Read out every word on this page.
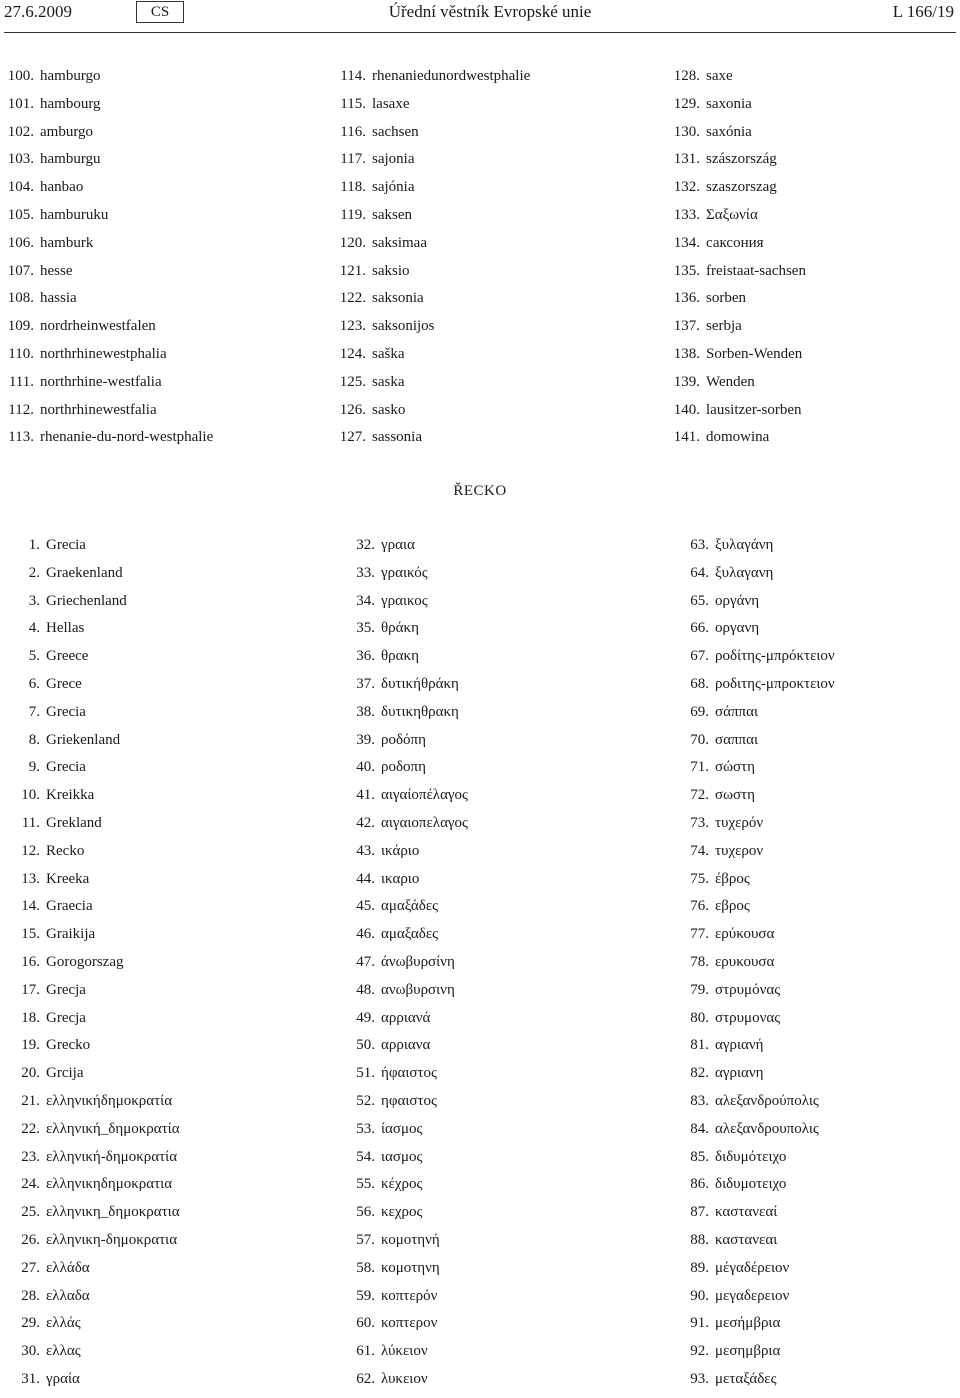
27.6.2009	CS	Úřední věstník Evropské unie	L 166/19
100. hamburgo
101. hambourg
102. amburgo
103. hamburgu
104. hanbao
105. hamburuku
106. hamburk
107. hesse
108. hassia
109. nordrheinwestfalen
110. northrhinewestphalia
111. northrhine-westfalia
112. northrhinewestfalia
113. rhenanie-du-nord-westphalie
114. rhenaniedunordwestphalie
115. lasaxe
116. sachsen
117. sajonia
118. sajónia
119. saksen
120. saksimaa
121. saksio
122. saksonia
123. saksonijos
124. saška
125. saska
126. sasko
127. sassonia
128. saxe
129. saxonia
130. saxónia
131. szászország
132. szaszorszag
133. Σαξωνία
134. саксония
135. freistaat-sachsen
136. sorben
137. serbja
138. Sorben-Wenden
139. Wenden
140. lausitzer-sorben
141. domowina
ŘECKO
1. Grecia
2. Graekenland
3. Griechenland
4. Hellas
5. Greece
6. Grece
7. Grecia
8. Griekenland
9. Grecia
10. Kreikka
11. Grekland
12. Recko
13. Kreeka
14. Graecia
15. Graikija
16. Gorogorszag
17. Grecja
18. Grecja
19. Grecko
20. Grcija
21. ελληνικήδημοκρατία
22. ελληνική_δημοκρατία
23. ελληνική-δημοκρατία
24. ελληνικηδημοκρατια
25. ελληνικη_δημοκρατια
26. ελληνικη-δημοκρατια
27. ελλάδα
28. ελλαδα
29. ελλάς
30. ελλας
31. γραία
32. γραια
33. γραικός
34. γραικος
35. θράκη
36. θρακη
37. δυτικήθράκη
38. δυτικηθρακη
39. ροδόπη
40. ροδοπη
41. αιγαίοπέλαγος
42. αιγαιοπελαγος
43. ικάριο
44. ικαριο
45. αμαξάδες
46. αμαξαδες
47. άνωβυρσίνη
48. ανωβυρσινη
49. αρριανά
50. αρριανα
51. ήφαιστος
52. ηφαιστος
53. ίασμος
54. ιασμος
55. κέχρος
56. κεχρος
57. κομοτηνή
58. κομοτηνη
59. κοπτερόν
60. κοπτερον
61. λύκειον
62. λυκειον
63. ξυλαγάνη
64. ξυλαγανη
65. οργάνη
66. οργανη
67. ροδίτης-μπρόκτειον
68. ροδιτης-μπροκτειον
69. σάππαι
70. σαππαι
71. σώστη
72. σωστη
73. τυχερόν
74. τυχερον
75. έβρος
76. εβρος
77. ερύκουσα
78. ερυκουσα
79. στρυμόνας
80. στρυμονας
81. αγριανή
82. αγριανη
83. αλεξανδρούπολις
84. αλεξανδρουπολις
85. διδυμότειχο
86. διδυμοτειχο
87. καστανεαί
88. καστανεαι
89. μέγαδέρειον
90. μεγαδερειον
91. μεσήμβρια
92. μεσημβρια
93. μεταξάδες
